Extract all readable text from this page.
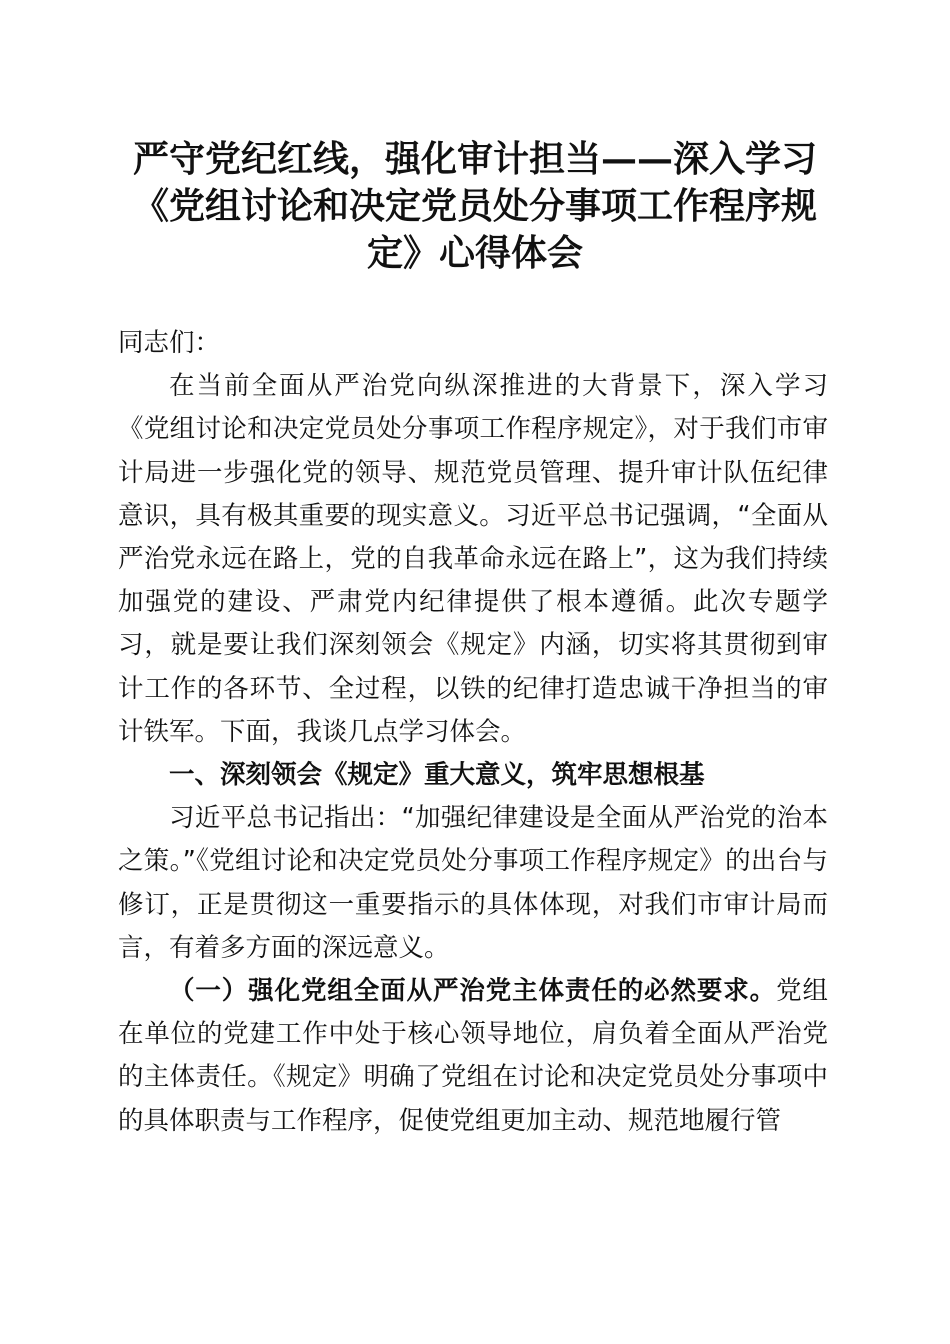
严守党纪红线，强化审计担当——深入学习
《党组讨论和决定党员处分事项工作程序规
定》心得体会

同志们：

在当前全面从严治党向纵深推进的大背景下，深入学习《党组讨论和决定党员处分事项工作程序规定》，对于我们市审计局进一步强化党的领导、规范党员管理、提升审计队伍纪律意识，具有极其重要的现实意义。习近平总书记强调，“全面从严治党永远在路上，党的自我革命永远在路上”，这为我们持续加强党的建设、严肃党内纪律提供了根本遵循。此次专题学习，就是要让我们深刻领会《规定》内涵，切实将其贯彻到审计工作的各环节、全过程，以铁的纪律打造忠诚干净担当的审计铁军。下面，我谈几点学习体会。

一、深刻领会《规定》重大意义，筑牢思想根基

习近平总书记指出：“加强纪律建设是全面从严治党的治本之策。”《党组讨论和决定党员处分事项工作程序规定》的出台与修订，正是贯彻这一重要指示的具体体现，对我们市审计局而言，有着多方面的深远意义。

（一）强化党组全面从严治党主体责任的必然要求。党组在单位的党建工作中处于核心领导地位，肩负着全面从严治党的主体责任。《规定》明确了党组在讨论和决定党员处分事项中的具体职责与工作程序，促使党组更加主动、规范地履行管
